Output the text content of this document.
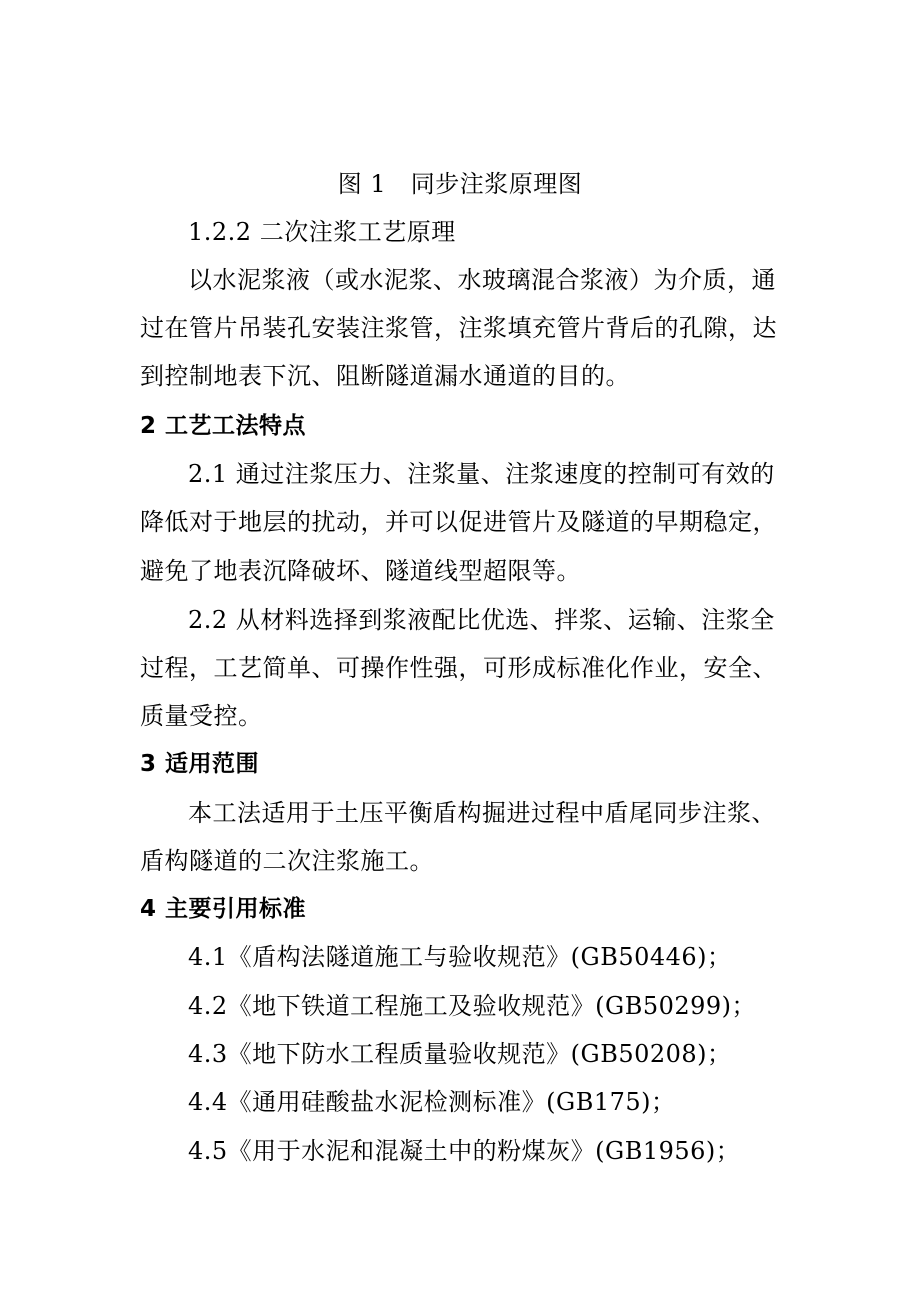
图 1　同步注浆原理图
1.2.2 二次注浆工艺原理
以水泥浆液（或水泥浆、水玻璃混合浆液）为介质，通
过在管片吊装孔安装注浆管，注浆填充管片背后的孔隙，达
到控制地表下沉、阻断隧道漏水通道的目的。
2 工艺工法特点
2.1 通过注浆压力、注浆量、注浆速度的控制可有效的
降低对于地层的扰动，并可以促进管片及隧道的早期稳定，
避免了地表沉降破坏、隧道线型超限等。
2.2 从材料选择到浆液配比优选、拌浆、运输、注浆全
过程，工艺简单、可操作性强，可形成标准化作业，安全、
质量受控。
3 适用范围
本工法适用于土压平衡盾构掘进过程中盾尾同步注浆、
盾构隧道的二次注浆施工。
4 主要引用标准
4.1《盾构法隧道施工与验收规范》(GB50446)；
4.2《地下铁道工程施工及验收规范》(GB50299)；
4.3《地下防水工程质量验收规范》(GB50208)；
4.4《通用硅酸盐水泥检测标准》(GB175)；
4.5《用于水泥和混凝土中的粉煤灰》(GB1956)；
